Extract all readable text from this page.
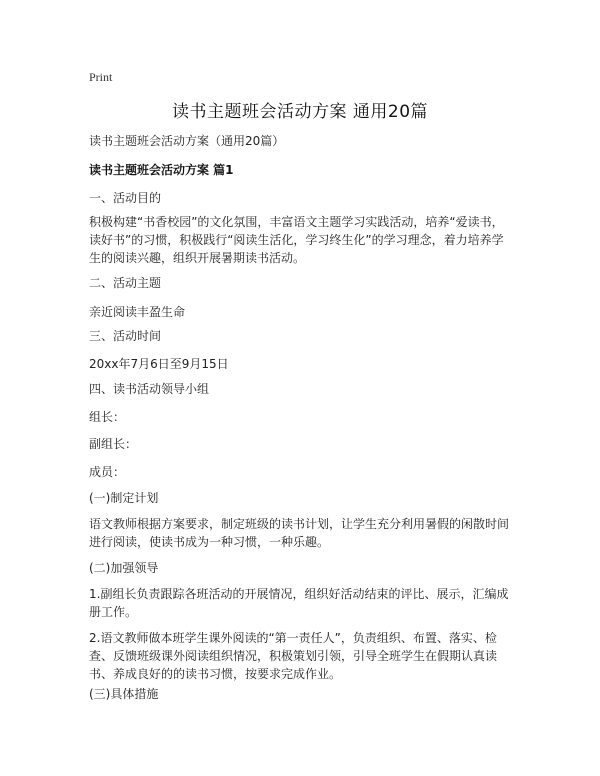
Print
读书主题班会活动方案 通用20篇
读书主题班会活动方案（通用20篇）
读书主题班会活动方案 篇1
一、活动目的
积极构建“书香校园”的文化氛围，丰富语文主题学习实践活动，培养“爱读书，读好书”的习惯，积极践行“阅读生活化，学习终生化”的学习理念，着力培养学生的阅读兴趣，组织开展暑期读书活动。
二、活动主题
亲近阅读丰盈生命
三、活动时间
20xx年7月6日至9月15日
四、读书活动领导小组
组长：
副组长：
成员：
(一)制定计划
语文教师根据方案要求，制定班级的读书计划，让学生充分利用暑假的闲散时间进行阅读，使读书成为一种习惯，一种乐趣。
(二)加强领导
1.副组长负责跟踪各班活动的开展情况，组织好活动结束的评比、展示，汇编成册工作。
2.语文教师做本班学生课外阅读的“第一责任人”，负责组织、布置、落实、检查、反馈班级课外阅读组织情况，积极策划引领，引导全班学生在假期认真读书、养成良好的的读书习惯，按要求完成作业。
(三)具体措施
